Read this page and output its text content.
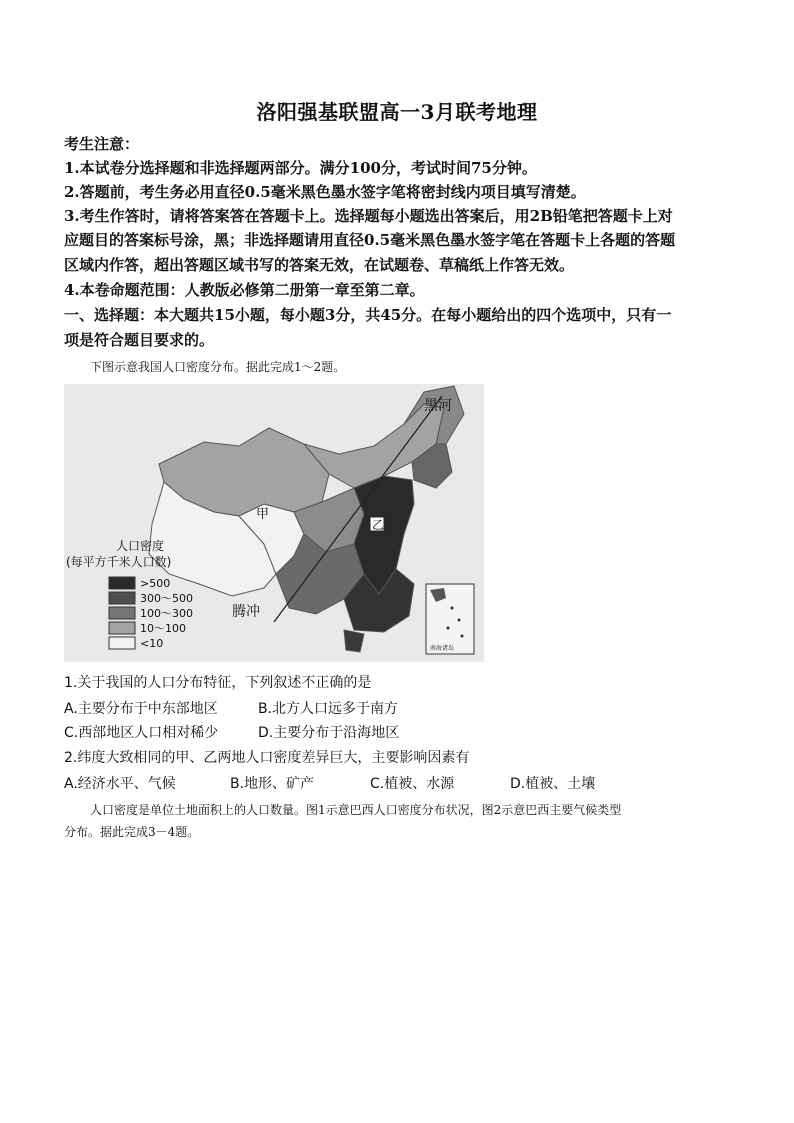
洛阳强基联盟高一3月联考地理
考生注意：
1.本试卷分选择题和非选择题两部分。满分100分，考试时间75分钟。
2.答题前，考生务必用直径0.5毫米黑色墨水签字笔将密封线内项目填写清楚。
3.考生作答时，请将答案答在答题卡上。选择题每小题选出答案后，用2B铅笔把答题卡上对
应题目的答案标号涂，黑；非选择题请用直径0.5毫米黑色墨水签字笔在答题卡上各题的答题
区域内作答，超出答题区域书写的答案无效，在试题卷、草稿纸上作答无效。
4.本卷命题范围：人教版必修第二册第一章至第二章。
一、选择题：本大题共15小题，每小题3分，共45分。在每小题给出的四个选项中，只有一
项是符合题目要求的。
下图示意我国人口密度分布。据此完成1～2题。
黑河
腾冲
甲
乙
人口密度
(每平方千米人口数)
>500
300～500
100～300
10～100
<10	南海诸岛
1.关于我国的人口分布特征，下列叙述不正确的是
A.主要分布于中东部地区	B.北方人口远多于南方
C.西部地区人口相对稀少	D.主要分布于沿海地区
2.纬度大致相同的甲、乙两地人口密度差异巨大，主要影响因素有
A.经济水平、气候	B.地形、矿产	C.植被、水源	D.植被、土壤
人口密度是单位土地面积上的人口数量。图1示意巴西人口密度分布状况，图2示意巴西主要气候类型
分布。据此完成3－4题。
